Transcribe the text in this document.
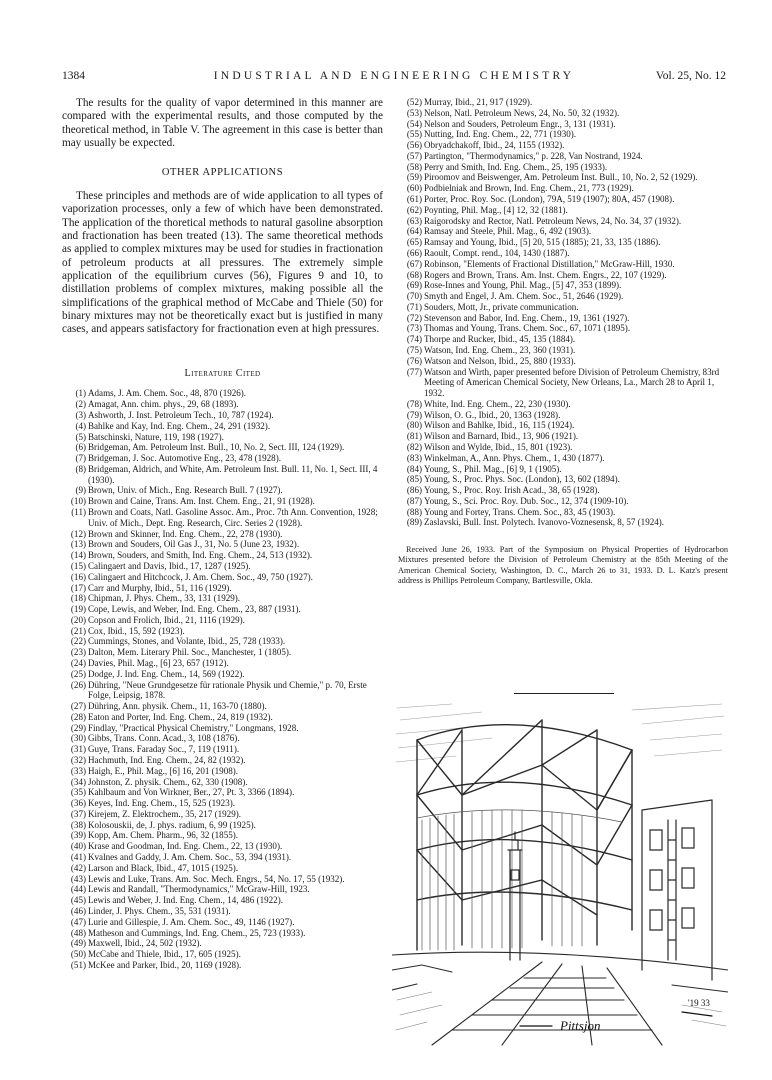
1384	INDUSTRIAL AND ENGINEERING CHEMISTRY	Vol. 25, No. 12

The results for the quality of vapor determined in this manner are compared with the experimental results, and those computed by the theoretical method, in Table V. The agreement in this case is better than may usually be expected.

OTHER APPLICATIONS

These principles and methods are of wide application to all types of vaporization processes, only a few of which have been demonstrated. The application of the thoretical methods to natural gasoline absorption and fractionation has been treated (13). The same theoretical methods as applied to complex mixtures may be used for studies in fractionation of petroleum products at all pressures. The extremely simple application of the equilibrium curves (56), Figures 9 and 10, to distillation problems of complex mixtures, making possible all the simplifications of the graphical method of McCabe and Thiele (50) for binary mixtures may not be theoretically exact but is justified in many cases, and appears satisfactory for fractionation even at high pressures.

Literature Cited
(1) Adams, J. Am. Chem. Soc., 48, 870 (1926).
(2) Amagat, Ann. chim. phys., 29, 68 (1893).
(3) Ashworth, J. Inst. Petroleum Tech., 10, 787 (1924).
(4) Bahlke and Kay, Ind. Eng. Chem., 24, 291 (1932).
(5) Batschinski, Nature, 119, 198 (1927).
(6) Bridgeman, Am. Petroleum Inst. Bull., 10, No. 2, Sect. III, 124 (1929).
(7) Bridgeman, J. Soc. Automotive Eng., 23, 478 (1928).
(8) Bridgeman, Aldrich, and White, Am. Petroleum Inst. Bull. 11, No. 1, Sect. III, 4 (1930).
(9) Brown, Univ. of Mich., Eng. Research Bull. 7 (1927).
(10) Brown and Caine, Trans. Am. Inst. Chem. Eng., 21, 91 (1928).
(11) Brown and Coats, Natl. Gasoline Assoc. Am., Proc. 7th Ann. Convention, 1928; Univ. of Mich., Dept. Eng. Research, Circ. Series 2 (1928).
(12) Brown and Skinner, Ind. Eng. Chem., 22, 278 (1930).
(13) Brown and Souders, Oil Gas J., 31, No. 5 (June 23, 1932).
(14) Brown, Souders, and Smith, Ind. Eng. Chem., 24, 513 (1932).
(15) Calingaert and Davis, Ibid., 17, 1287 (1925).
(16) Calingaert and Hitchcock, J. Am. Chem. Soc., 49, 750 (1927).
(17) Carr and Murphy, Ibid., 51, 116 (1929).
(18) Chipman, J. Phys. Chem., 33, 131 (1929).
(19) Cope, Lewis, and Weber, Ind. Eng. Chem., 23, 887 (1931).
(20) Copson and Frolich, Ibid., 21, 1116 (1929).
(21) Cox, Ibid., 15, 592 (1923).
(22) Cummings, Stones, and Volante, Ibid., 25, 728 (1933).
(23) Dalton, Mem. Literary Phil. Soc., Manchester, 1 (1805).
(24) Davies, Phil. Mag., [6] 23, 657 (1912).
(25) Dodge, J. Ind. Eng. Chem., 14, 569 (1922).
(26) Dühring, "Neue Grundgesetze für rationale Physik und Chemie," p. 70, Erste Folge, Leipsig, 1878.
(27) Dühring, Ann. physik. Chem., 11, 163-70 (1880).
(28) Eaton and Porter, Ind. Eng. Chem., 24, 819 (1932).
(29) Findlay, "Practical Physical Chemistry," Longmans, 1928.
(30) Gibbs, Trans. Conn. Acad., 3, 108 (1876).
(31) Guye, Trans. Faraday Soc., 7, 119 (1911).
(32) Hachmuth, Ind. Eng. Chem., 24, 82 (1932).
(33) Haigh, E., Phil. Mag., [6] 16, 201 (1908).
(34) Johnston, Z. physik. Chem., 62, 330 (1908).
(35) Kahlbaum and Von Wirkner, Ber., 27, Pt. 3, 3366 (1894).
(36) Keyes, Ind. Eng. Chem., 15, 525 (1923).
(37) Kirejem, Z. Elektrochem., 35, 217 (1929).
(38) Kolosouskii, de, J. phys. radium, 6, 99 (1925).
(39) Kopp, Am. Chem. Pharm., 96, 32 (1855).
(40) Krase and Goodman, Ind. Eng. Chem., 22, 13 (1930).
(41) Kvalnes and Gaddy, J. Am. Chem. Soc., 53, 394 (1931).
(42) Larson and Black, Ibid., 47, 1015 (1925).
(43) Lewis and Luke, Trans. Am. Soc. Mech. Engrs., 54, No. 17, 55 (1932).
(44) Lewis and Randall, "Thermodynamics," McGraw-Hill, 1923.
(45) Lewis and Weber, J. Ind. Eng. Chem., 14, 486 (1922).
(46) Linder, J. Phys. Chem., 35, 531 (1931).
(47) Lurie and Gillespie, J. Am. Chem. Soc., 49, 1146 (1927).
(48) Matheson and Cummings, Ind. Eng. Chem., 25, 723 (1933).
(49) Maxwell, Ibid., 24, 502 (1932).
(50) McCabe and Thiele, Ibid., 17, 605 (1925).
(51) McKee and Parker, Ibid., 20, 1169 (1928).
(52) Murray, Ibid., 21, 917 (1929).
(53) Nelson, Natl. Petroleum News, 24, No. 50, 32 (1932).
(54) Nelson and Souders, Petroleum Engr., 3, 131 (1931).
(55) Nutting, Ind. Eng. Chem., 22, 771 (1930).
(56) Obryadchakoff, Ibid., 24, 1155 (1932).
(57) Partington, "Thermodynamics," p. 228, Van Nostrand, 1924.
(58) Perry and Smith, Ind. Eng. Chem., 25, 195 (1933).
(59) Piroomov and Beiswenger, Am. Petroleum Inst. Bull., 10, No. 2, 52 (1929).
(60) Podbielniak and Brown, Ind. Eng. Chem., 21, 773 (1929).
(61) Porter, Proc. Roy. Soc. (London), 79A, 519 (1907); 80A, 457 (1908).
(62) Poynting, Phil. Mag., [4] 12, 32 (1881).
(63) Raigorodsky and Rector, Natl. Petroleum News, 24, No. 34, 37 (1932).
(64) Ramsay and Steele, Phil. Mag., 6, 492 (1903).
(65) Ramsay and Young, Ibid., [5] 20, 515 (1885); 21, 33, 135 (1886).
(66) Raoult, Compt. rend., 104, 1430 (1887).
(67) Robinson, "Elements of Fractional Distillation," McGraw-Hill, 1930.
(68) Rogers and Brown, Trans. Am. Inst. Chem. Engrs., 22, 107 (1929).
(69) Rose-Innes and Young, Phil. Mag., [5] 47, 353 (1899).
(70) Smyth and Engel, J. Am. Chem. Soc., 51, 2646 (1929).
(71) Souders, Mott, Jr., private communication.
(72) Stevenson and Babor, Ind. Eng. Chem., 19, 1361 (1927).
(73) Thomas and Young, Trans. Chem. Soc., 67, 1071 (1895).
(74) Thorpe and Rucker, Ibid., 45, 135 (1884).
(75) Watson, Ind. Eng. Chem., 23, 360 (1931).
(76) Watson and Nelson, Ibid., 25, 880 (1933).
(77) Watson and Wirth, paper presented before Division of Petroleum Chemistry, 83rd Meeting of American Chemical Society, New Orleans, La., March 28 to April 1, 1932.
(78) White, Ind. Eng. Chem., 22, 230 (1930).
(79) Wilson, O. G., Ibid., 20, 1363 (1928).
(80) Wilson and Bahlke, Ibid., 16, 115 (1924).
(81) Wilson and Barnard, Ibid., 13, 906 (1921).
(82) Wilson and Wylde, Ibid., 15, 801 (1923).
(83) Winkelman, A., Ann. Phys. Chem., 1, 430 (1877).
(84) Young, S., Phil. Mag., [6] 9, 1 (1905).
(85) Young, S., Proc. Phys. Soc. (London), 13, 602 (1894).
(86) Young, S., Proc. Roy. Irish Acad., 38, 65 (1928).
(87) Young, S., Sci. Proc. Roy. Dub. Soc., 12, 374 (1909-10).
(88) Young and Fortey, Trans. Chem. Soc., 83, 45 (1903).
(89) Zaslavski, Bull. Inst. Polytech. Ivanovo-Voznesensk, 8, 57 (1924).

Received June 26, 1933. Part of the Symposium on Physical Properties of Hydrocarbon Mixtures presented before the Division of Petroleum Chemistry at the 85th Meeting of the American Chemical Society, Washington, D. C., March 26 to 31, 1933. D. L. Katz's present address is Phillips Petroleum Company, Bartlesville, Okla.

Pittsjon
'19 33
